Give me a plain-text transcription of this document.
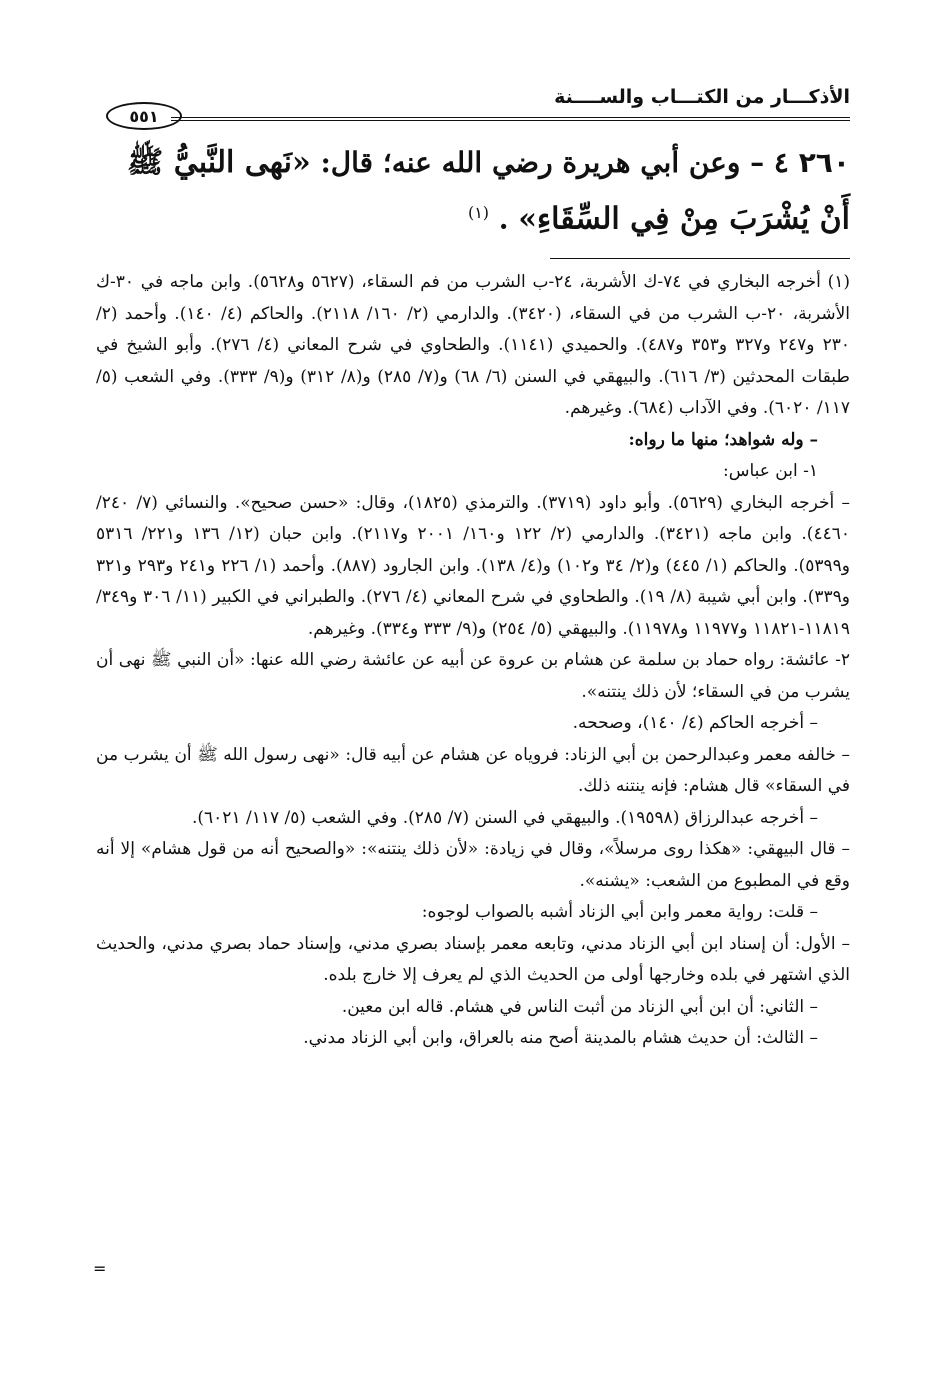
الأذكـــار من الكتـــاب والســــنة
٥٥١
٢٦٠ ٤ – وعن أبي هريرة رضي الله عنه؛ قال: «نَهى النَّبيُّ ﷺ أَنْ يُشْرَبَ مِنْ فِي السِّقَاءِ» . $^{(١)}$

(١) أخرجه البخاري في ٧٤-ك الأشربة، ٢٤-ب الشرب من فم السقاء، (٥٦٢٧ و٥٦٢٨). وابن ماجه في ٣٠-ك الأشربة، ٢٠-ب الشرب من في السقاء، (٣٤٢٠). والدارمي (٢/ ١٦٠/ ٢١١٨). والحاكم (٤/ ١٤٠). وأحمد (٢/ ٢٣٠ و٢٤٧ و٣٢٧ و٣٥٣ و٤٨٧). والحميدي (١١٤١). والطحاوي في شرح المعاني (٤/ ٢٧٦). وأبو الشيخ في طبقات المحدثين (٣/ ٦١٦). والبيهقي في السنن (٦/ ٦٨) و(٧/ ٢٨٥) و(٨/ ٣١٢) و(٩/ ٣٣٣). وفي الشعب (٥/ ١١٧/ ٦٠٢٠). وفي الآداب (٦٨٤). وغيرهم.

– وله شواهد؛ منها ما رواه:

١- ابن عباس:

– أخرجه البخاري (٥٦٢٩). وأبو داود (٣٧١٩). والترمذي (١٨٢٥)، وقال: «حسن صحيح». والنسائي (٧/ ٢٤٠/ ٤٤٦٠). وابن ماجه (٣٤٢١). والدارمي (٢/ ١٢٢ و١٦٠/ ٢٠٠١ و٢١١٧). وابن حبان (١٢/ ١٣٦ و٢٢١/ ٥٣١٦ و٥٣٩٩). والحاكم (١/ ٤٤٥) و(٢/ ٣٤ و١٠٢) و(٤/ ١٣٨). وابن الجارود (٨٨٧). وأحمد (١/ ٢٢٦ و٢٤١ و٢٩٣ و٣٢١ و٣٣٩). وابن أبي شيبة (٨/ ١٩). والطحاوي في شرح المعاني (٤/ ٢٧٦). والطبراني في الكبير (١١/ ٣٠٦ و٣٤٩/ ١١٨١٩-١١٨٢١ و١١٩٧٧ و١١٩٧٨). والبيهقي (٥/ ٢٥٤) و(٩/ ٣٣٣ و٣٣٤). وغيرهم.

٢- عائشة: رواه حماد بن سلمة عن هشام بن عروة عن أبيه عن عائشة رضي الله عنها: «أن النبي ﷺ نهى أن يشرب من في السقاء؛ لأن ذلك ينتنه».

– أخرجه الحاكم (٤/ ١٤٠)، وصححه.

– خالفه معمر وعبدالرحمن بن أبي الزناد: فروياه عن هشام عن أبيه قال: «نهى رسول الله ﷺ أن يشرب من في السقاء» قال هشام: فإنه ينتنه ذلك.

– أخرجه عبدالرزاق (١٩٥٩٨). والبيهقي في السنن (٧/ ٢٨٥). وفي الشعب (٥/ ١١٧/ ٦٠٢١).

– قال البيهقي: «هكذا روى مرسلاً»، وقال في زيادة: «لأن ذلك ينتنه»: «والصحيح أنه من قول هشام» إلا أنه وقع في المطبوع من الشعب: «يشنه».

– قلت: رواية معمر وابن أبي الزناد أشبه بالصواب لوجوه:

– الأول: أن إسناد ابن أبي الزناد مدني، وتابعه معمر بإسناد بصري مدني، وإسناد حماد بصري مدني، والحديث الذي اشتهر في بلده وخارجها أولى من الحديث الذي لم يعرف إلا خارج بلده.

– الثاني: أن ابن أبي الزناد من أثبت الناس في هشام. قاله ابن معين.

– الثالث: أن حديث هشام بالمدينة أصح منه بالعراق، وابن أبي الزناد مدني.

=
